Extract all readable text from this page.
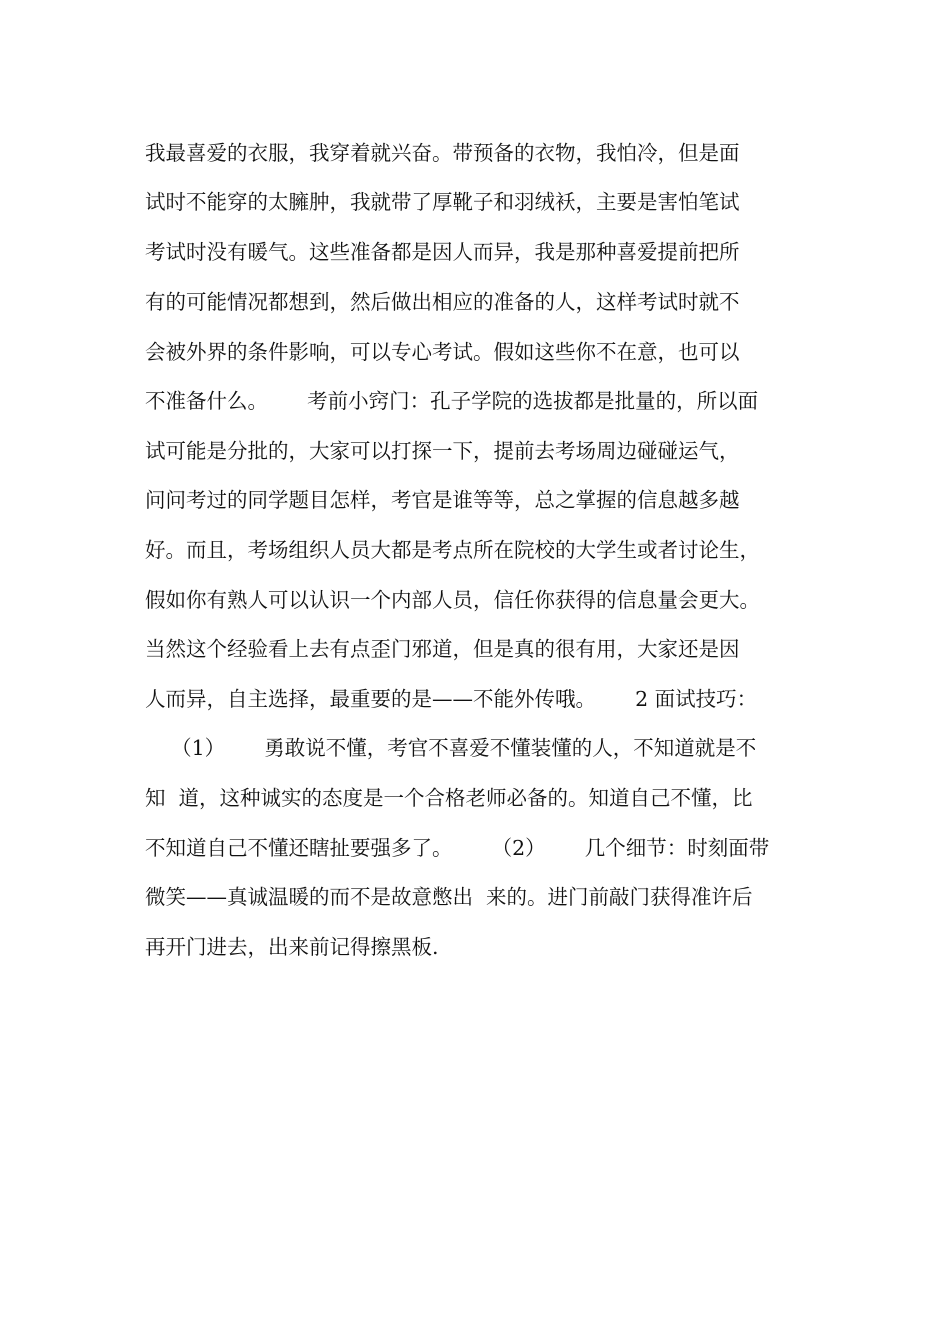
我最喜爱的衣服，我穿着就兴奋。带预备的衣物，我怕冷，但是面
试时不能穿的太臃肿，我就带了厚靴子和羽绒袄，主要是害怕笔试
考试时没有暖气。这些准备都是因人而异，我是那种喜爱提前把所
有的可能情况都想到，然后做出相应的准备的人，这样考试时就不
会被外界的条件影响，可以专心考试。假如这些你不在意，也可以
不准备什么。      考前小窍门：孔子学院的选拔都是批量的，所以面
试可能是分批的，大家可以打探一下，提前去考场周边碰碰运气，
问问考过的同学题目怎样，考官是谁等等，总之掌握的信息越多越
好。而且，考场组织人员大都是考点所在院校的大学生或者讨论生，
假如你有熟人可以认识一个内部人员，信任你获得的信息量会更大。
当然这个经验看上去有点歪门邪道，但是真的很有用，大家还是因
人而异，自主选择，最重要的是——不能外传哦。      2 面试技巧：
（1）      勇敢说不懂，考官不喜爱不懂装懂的人，不知道就是不
知  道，这种诚实的态度是一个合格老师必备的。知道自己不懂，比
不知道自己不懂还瞎扯要强多了。      （2）      几个细节：时刻面带
微笑——真诚温暖的而不是故意憋出  来的。进门前敲门获得准许后
再开门进去，出来前记得擦黑板.
